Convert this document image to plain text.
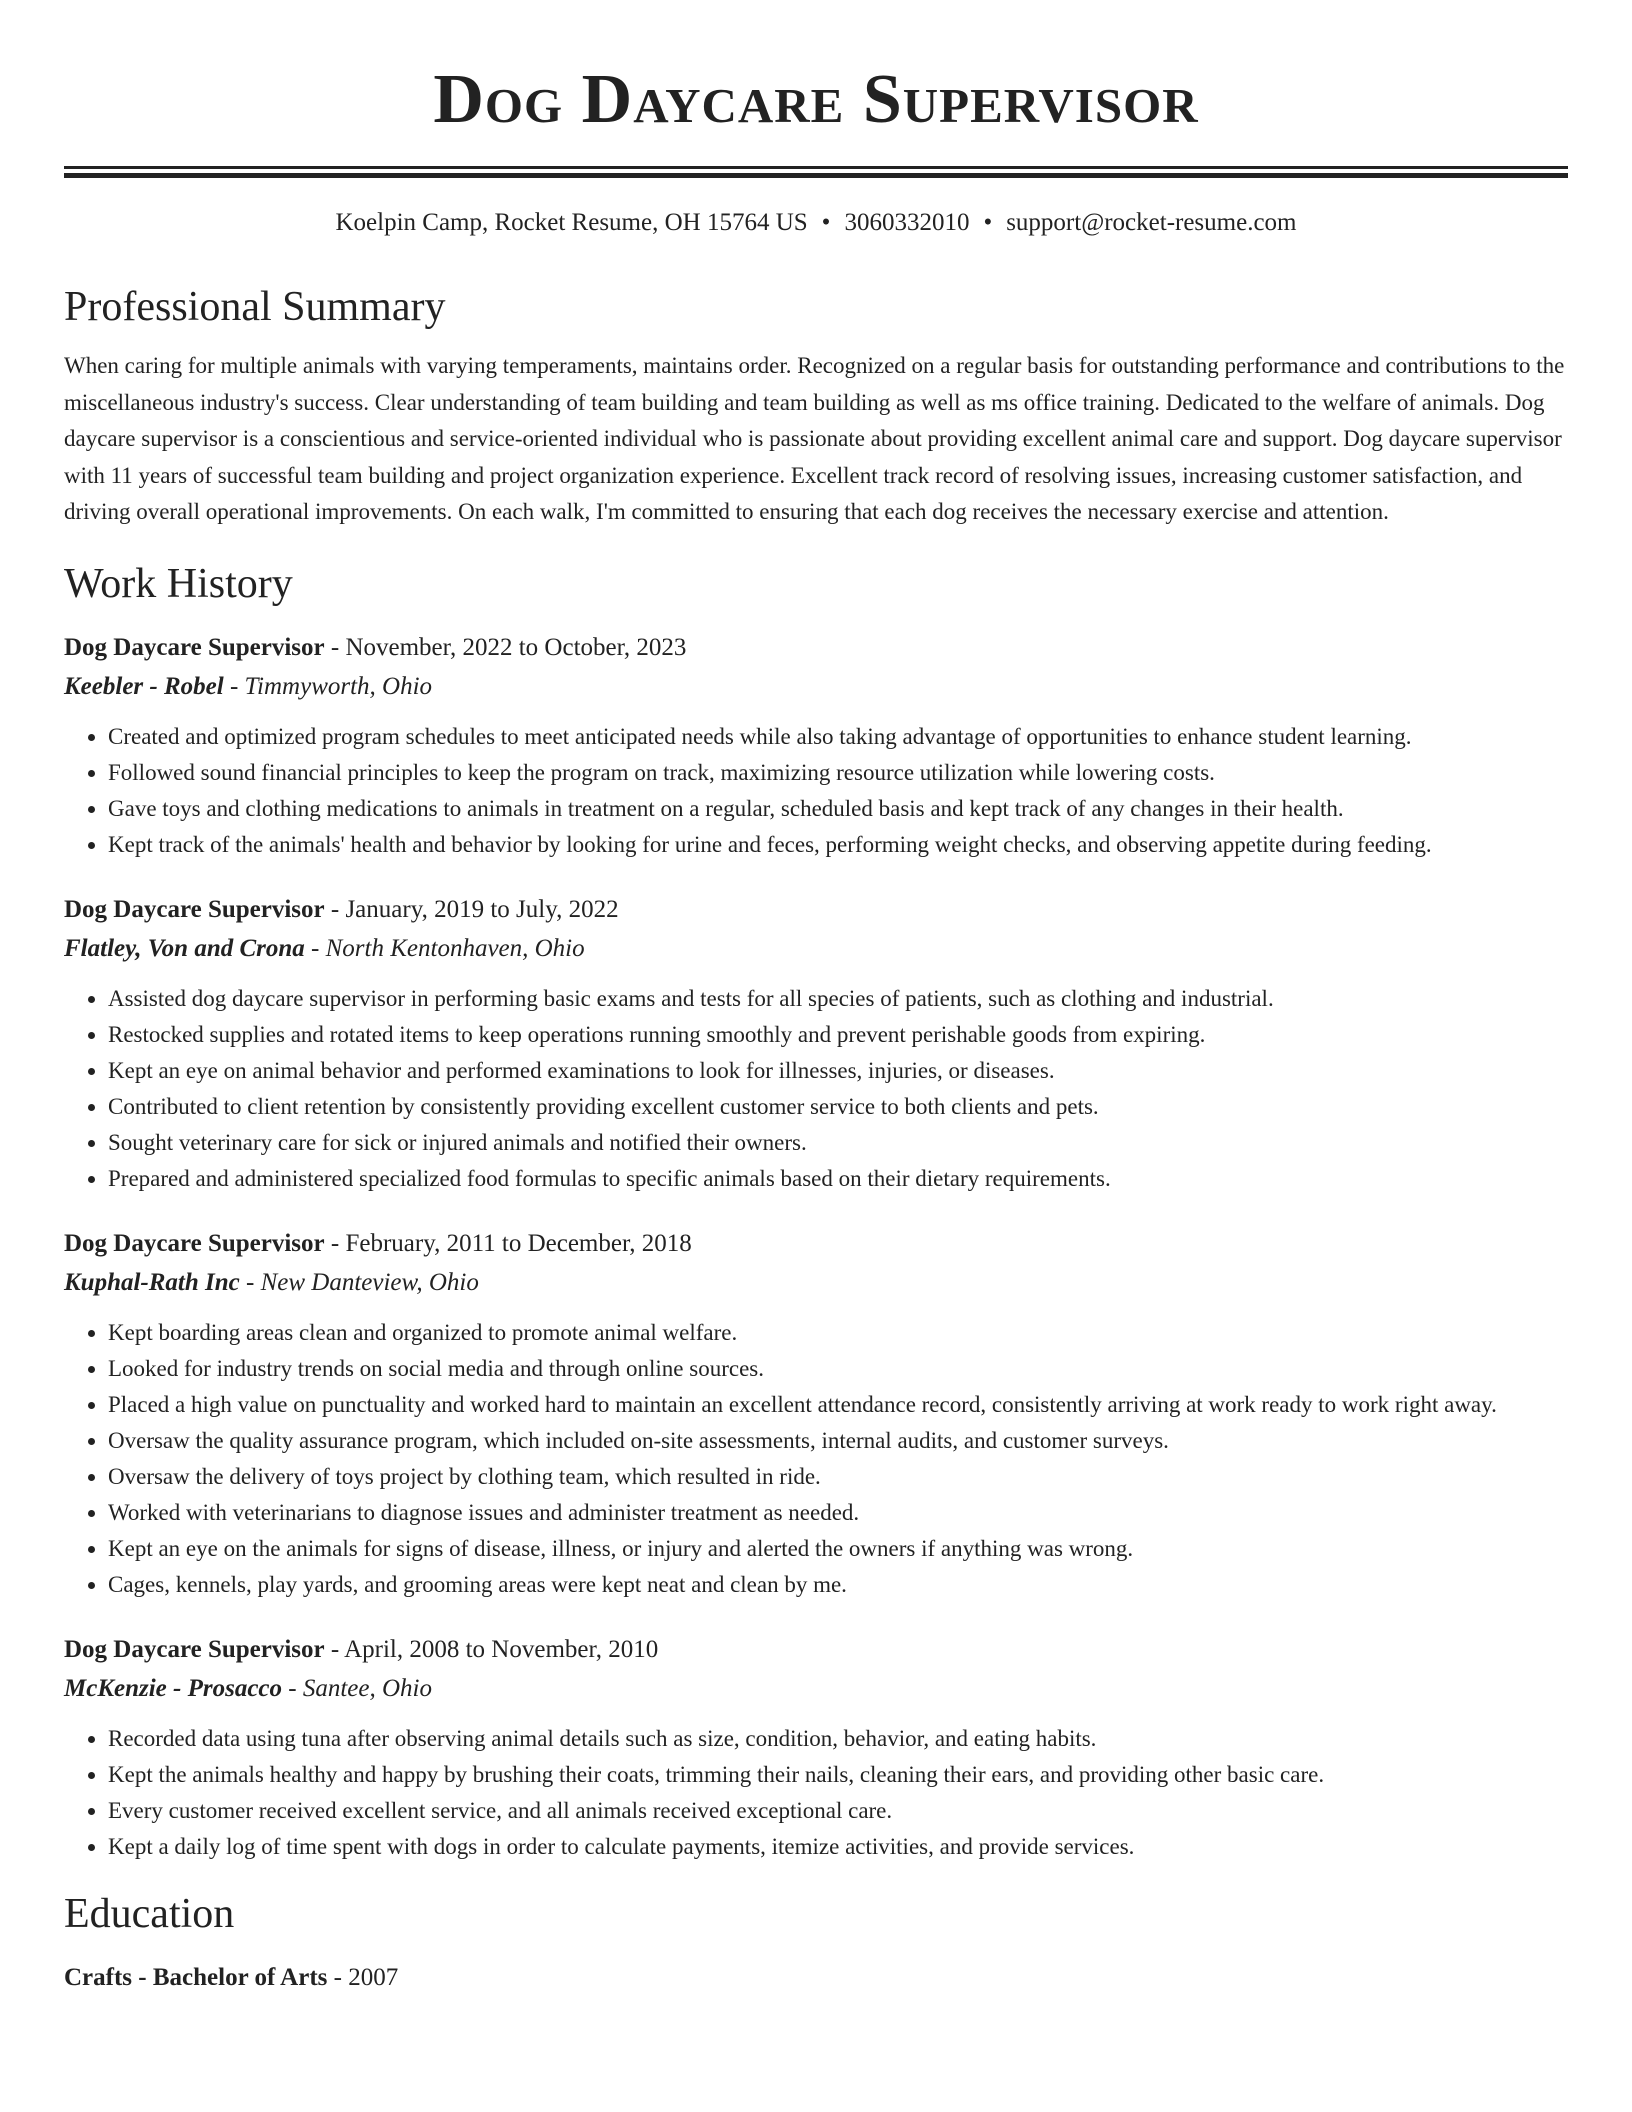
Dog Daycare Supervisor
Koelpin Camp, Rocket Resume, OH 15764 US • 3060332010 • support@rocket-resume.com
Professional Summary

When caring for multiple animals with varying temperaments, maintains order. Recognized on a regular basis for outstanding performance and contributions to the miscellaneous industry's success. Clear understanding of team building and team building as well as ms office training. Dedicated to the welfare of animals. Dog daycare supervisor is a conscientious and service-oriented individual who is passionate about providing excellent animal care and support. Dog daycare supervisor with 11 years of successful team building and project organization experience. Excellent track record of resolving issues, increasing customer satisfaction, and driving overall operational improvements. On each walk, I'm committed to ensuring that each dog receives the necessary exercise and attention.

Work History
Dog Daycare Supervisor - November, 2022 to October, 2023
Keebler - Robel - Timmyworth, Ohio
• Created and optimized program schedules to meet anticipated needs while also taking advantage of opportunities to enhance student learning.
• Followed sound financial principles to keep the program on track, maximizing resource utilization while lowering costs.
• Gave toys and clothing medications to animals in treatment on a regular, scheduled basis and kept track of any changes in their health.
• Kept track of the animals' health and behavior by looking for urine and feces, performing weight checks, and observing appetite during feeding.
Dog Daycare Supervisor - January, 2019 to July, 2022
Flatley, Von and Crona - North Kentonhaven, Ohio
• Assisted dog daycare supervisor in performing basic exams and tests for all species of patients, such as clothing and industrial.
• Restocked supplies and rotated items to keep operations running smoothly and prevent perishable goods from expiring.
• Kept an eye on animal behavior and performed examinations to look for illnesses, injuries, or diseases.
• Contributed to client retention by consistently providing excellent customer service to both clients and pets.
• Sought veterinary care for sick or injured animals and notified their owners.
• Prepared and administered specialized food formulas to specific animals based on their dietary requirements.
Dog Daycare Supervisor - February, 2011 to December, 2018
Kuphal-Rath Inc - New Danteview, Ohio
• Kept boarding areas clean and organized to promote animal welfare.
• Looked for industry trends on social media and through online sources.
• Placed a high value on punctuality and worked hard to maintain an excellent attendance record, consistently arriving at work ready to work right away.
• Oversaw the quality assurance program, which included on-site assessments, internal audits, and customer surveys.
• Oversaw the delivery of toys project by clothing team, which resulted in ride.
• Worked with veterinarians to diagnose issues and administer treatment as needed.
• Kept an eye on the animals for signs of disease, illness, or injury and alerted the owners if anything was wrong.
• Cages, kennels, play yards, and grooming areas were kept neat and clean by me.
Dog Daycare Supervisor - April, 2008 to November, 2010
McKenzie - Prosacco - Santee, Ohio
• Recorded data using tuna after observing animal details such as size, condition, behavior, and eating habits.
• Kept the animals healthy and happy by brushing their coats, trimming their nails, cleaning their ears, and providing other basic care.
• Every customer received excellent service, and all animals received exceptional care.
• Kept a daily log of time spent with dogs in order to calculate payments, itemize activities, and provide services.
Education
Crafts - Bachelor of Arts - 2007
